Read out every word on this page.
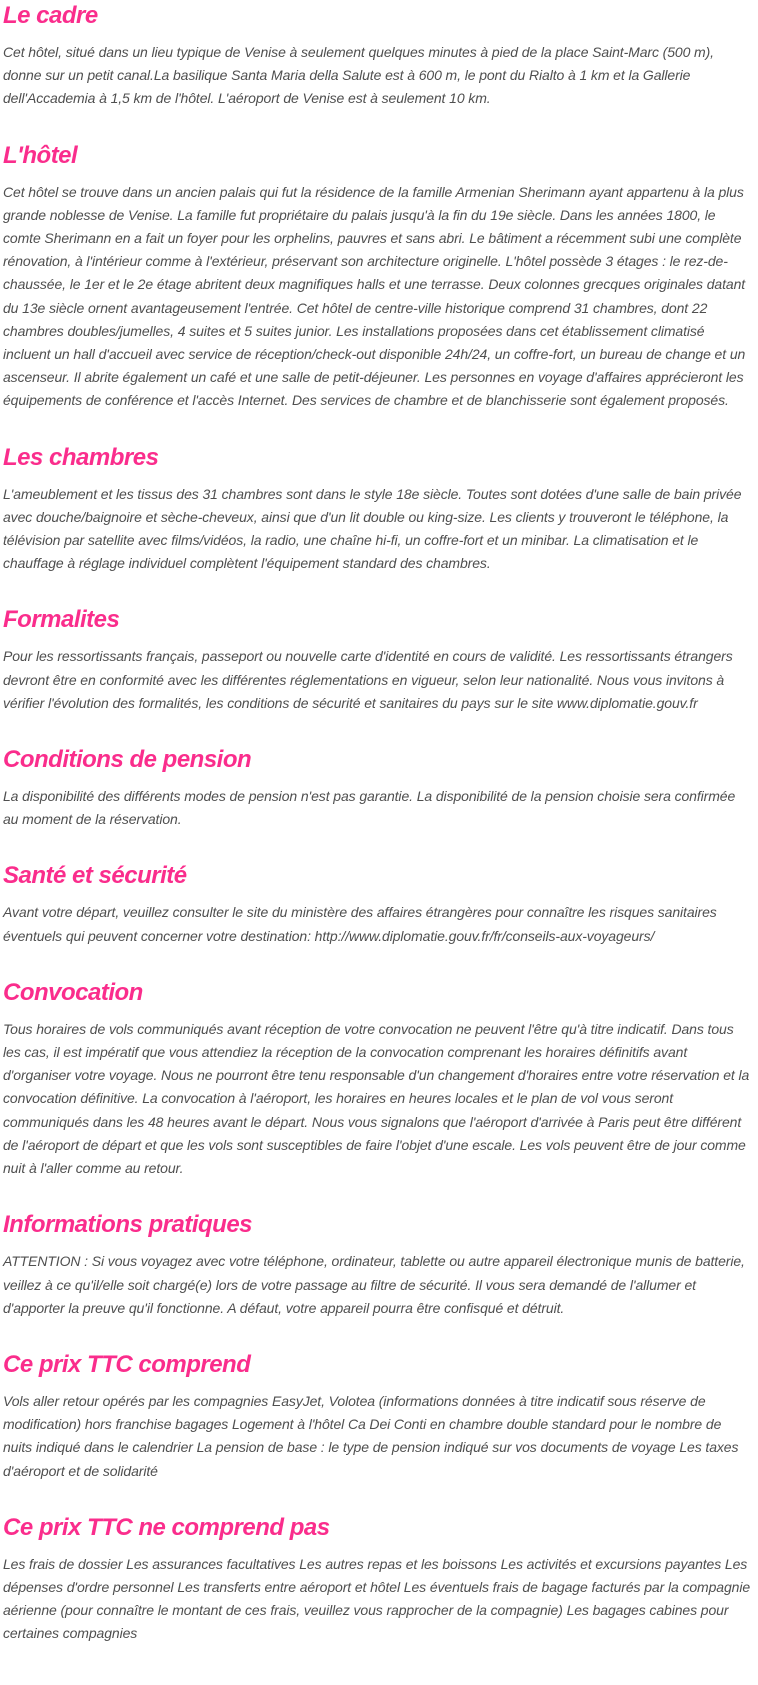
Le cadre

Cet hôtel, situé dans un lieu typique de Venise à seulement quelques minutes à pied de la place Saint-Marc (500 m), donne sur un petit canal.La basilique Santa Maria della Salute est à 600 m, le pont du Rialto à 1 km et la Gallerie dell'Accademia à 1,5 km de l'hôtel. L'aéroport de Venise est à seulement 10 km.

L'hôtel

Cet hôtel se trouve dans un ancien palais qui fut la résidence de la famille Armenian Sherimann ayant appartenu à la plus grande noblesse de Venise. La famille fut propriétaire du palais jusqu'à la fin du 19e siècle. Dans les années 1800, le comte Sherimann en a fait un foyer pour les orphelins, pauvres et sans abri. Le bâtiment a récemment subi une complète rénovation, à l'intérieur comme à l'extérieur, préservant son architecture originelle. L'hôtel possède 3 étages : le rez-de-chaussée, le 1er et le 2e étage abritent deux magnifiques halls et une terrasse. Deux colonnes grecques originales datant du 13e siècle ornent avantageusement l'entrée. Cet hôtel de centre-ville historique comprend 31 chambres, dont 22 chambres doubles/jumelles, 4 suites et 5 suites junior. Les installations proposées dans cet établissement climatisé incluent un hall d'accueil avec service de réception/check-out disponible 24h/24, un coffre-fort, un bureau de change et un ascenseur. Il abrite également un café et une salle de petit-déjeuner. Les personnes en voyage d'affaires apprécieront les équipements de conférence et l'accès Internet. Des services de chambre et de blanchisserie sont également proposés.

Les chambres

L'ameublement et les tissus des 31 chambres sont dans le style 18e siècle. Toutes sont dotées d'une salle de bain privée avec douche/baignoire et sèche-cheveux, ainsi que d'un lit double ou king-size. Les clients y trouveront le téléphone, la télévision par satellite avec films/vidéos, la radio, une chaîne hi-fi, un coffre-fort et un minibar. La climatisation et le chauffage à réglage individuel complètent l'équipement standard des chambres.

Formalites

Pour les ressortissants français, passeport ou nouvelle carte d'identité en cours de validité. Les ressortissants étrangers devront être en conformité avec les différentes réglementations en vigueur, selon leur nationalité. Nous vous invitons à vérifier l'évolution des formalités, les conditions de sécurité et sanitaires du pays sur le site www.diplomatie.gouv.fr

Conditions de pension

La disponibilité des différents modes de pension n'est pas garantie. La disponibilité de la pension choisie sera confirmée au moment de la réservation.

Santé et sécurité

Avant votre départ, veuillez consulter le site du ministère des affaires étrangères pour connaître les risques sanitaires éventuels qui peuvent concerner votre destination: http://www.diplomatie.gouv.fr/fr/conseils-aux-voyageurs/

Convocation

Tous horaires de vols communiqués avant réception de votre convocation ne peuvent l'être qu'à titre indicatif. Dans tous les cas, il est impératif que vous attendiez la réception de la convocation comprenant les horaires définitifs avant d'organiser votre voyage. Nous ne pourront être tenu responsable d'un changement d'horaires entre votre réservation et la convocation définitive. La convocation à l'aéroport, les horaires en heures locales et le plan de vol vous seront communiqués dans les 48 heures avant le départ. Nous vous signalons que l'aéroport d'arrivée à Paris peut être différent de l'aéroport de départ et que les vols sont susceptibles de faire l'objet d'une escale. Les vols peuvent être de jour comme nuit à l'aller comme au retour.

Informations pratiques

ATTENTION : Si vous voyagez avec votre téléphone, ordinateur, tablette ou autre appareil électronique munis de batterie, veillez à ce qu'il/elle soit chargé(e) lors de votre passage au filtre de sécurité. Il vous sera demandé de l'allumer et d'apporter la preuve qu'il fonctionne. A défaut, votre appareil pourra être confisqué et détruit.

Ce prix TTC comprend

Vols aller retour opérés par les compagnies EasyJet, Volotea (informations données à titre indicatif sous réserve de modification) hors franchise bagages Logement à l'hôtel Ca Dei Conti en chambre double standard pour le nombre de nuits indiqué dans le calendrier La pension de base : le type de pension indiqué sur vos documents de voyage Les taxes d'aéroport et de solidarité

Ce prix TTC ne comprend pas

Les frais de dossier Les assurances facultatives Les autres repas et les boissons Les activités et excursions payantes Les dépenses d'ordre personnel Les transferts entre aéroport et hôtel Les éventuels frais de bagage facturés par la compagnie aérienne (pour connaître le montant de ces frais, veuillez vous rapprocher de la compagnie) Les bagages cabines pour certaines compagnies
